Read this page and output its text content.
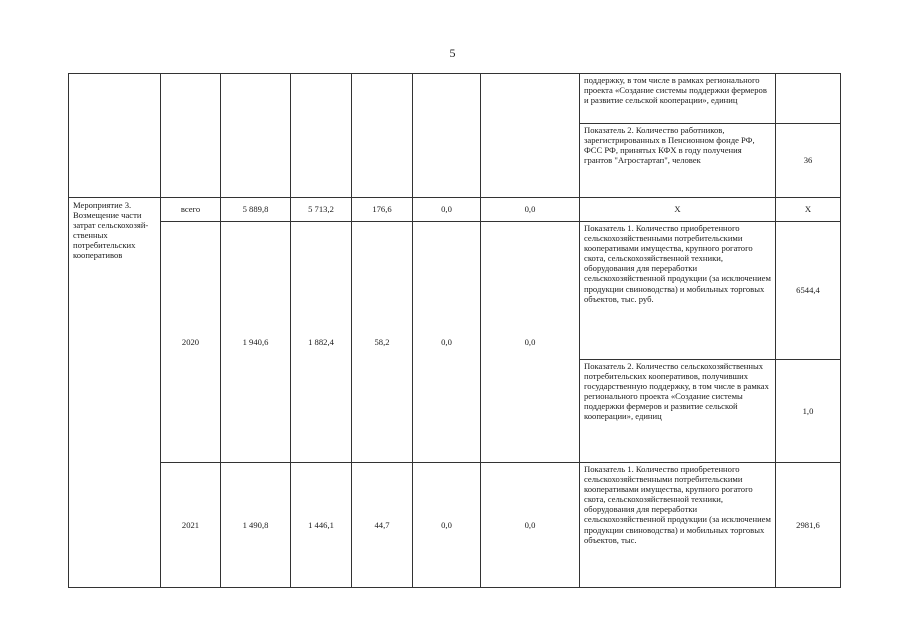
5
							поддержку, в том числе в рамках регионального проекта «Создание системы поддержки фермеров и развитие сельской кооперации», единиц	
							Показатель 2. Количество работников, зарегистрированных в Пенсионном фонде РФ, ФСС РФ, принятых КФХ в году получения грантов "Агростартап", человек	36
Мероприятие 3. Возмещение части затрат сельскохозяй-ственных потребительских кооперативов	всего	5 889,8	5 713,2	176,6	0,0	0,0	Х	Х
	2020	1 940,6	1 882,4	58,2	0,0	0,0	Показатель 1. Количество приобретенного сельскохозяйственными потребительскими кооперативами имущества, крупного рогатого скота, сельскохозяйственной техники, оборудования для переработки сельскохозяйственной продукции (за исключением продукции свиноводства) и мобильных торговых объектов, тыс. руб.	6544,4
							Показатель 2. Количество сельскохозяйственных потребительских кооперативов, получивших государственную поддержку, в том числе в рамках регионального проекта «Создание системы поддержки фермеров и развитие сельской кооперации», единиц	1,0
	2021	1 490,8	1 446,1	44,7	0,0	0,0	Показатель 1. Количество приобретенного сельскохозяйственными потребительскими кооперативами имущества, крупного рогатого скота, сельскохозяйственной техники, оборудования для переработки сельскохозяйственной продукции (за исключением продукции свиноводства) и мобильных торговых объектов, тыс.	2981,6
